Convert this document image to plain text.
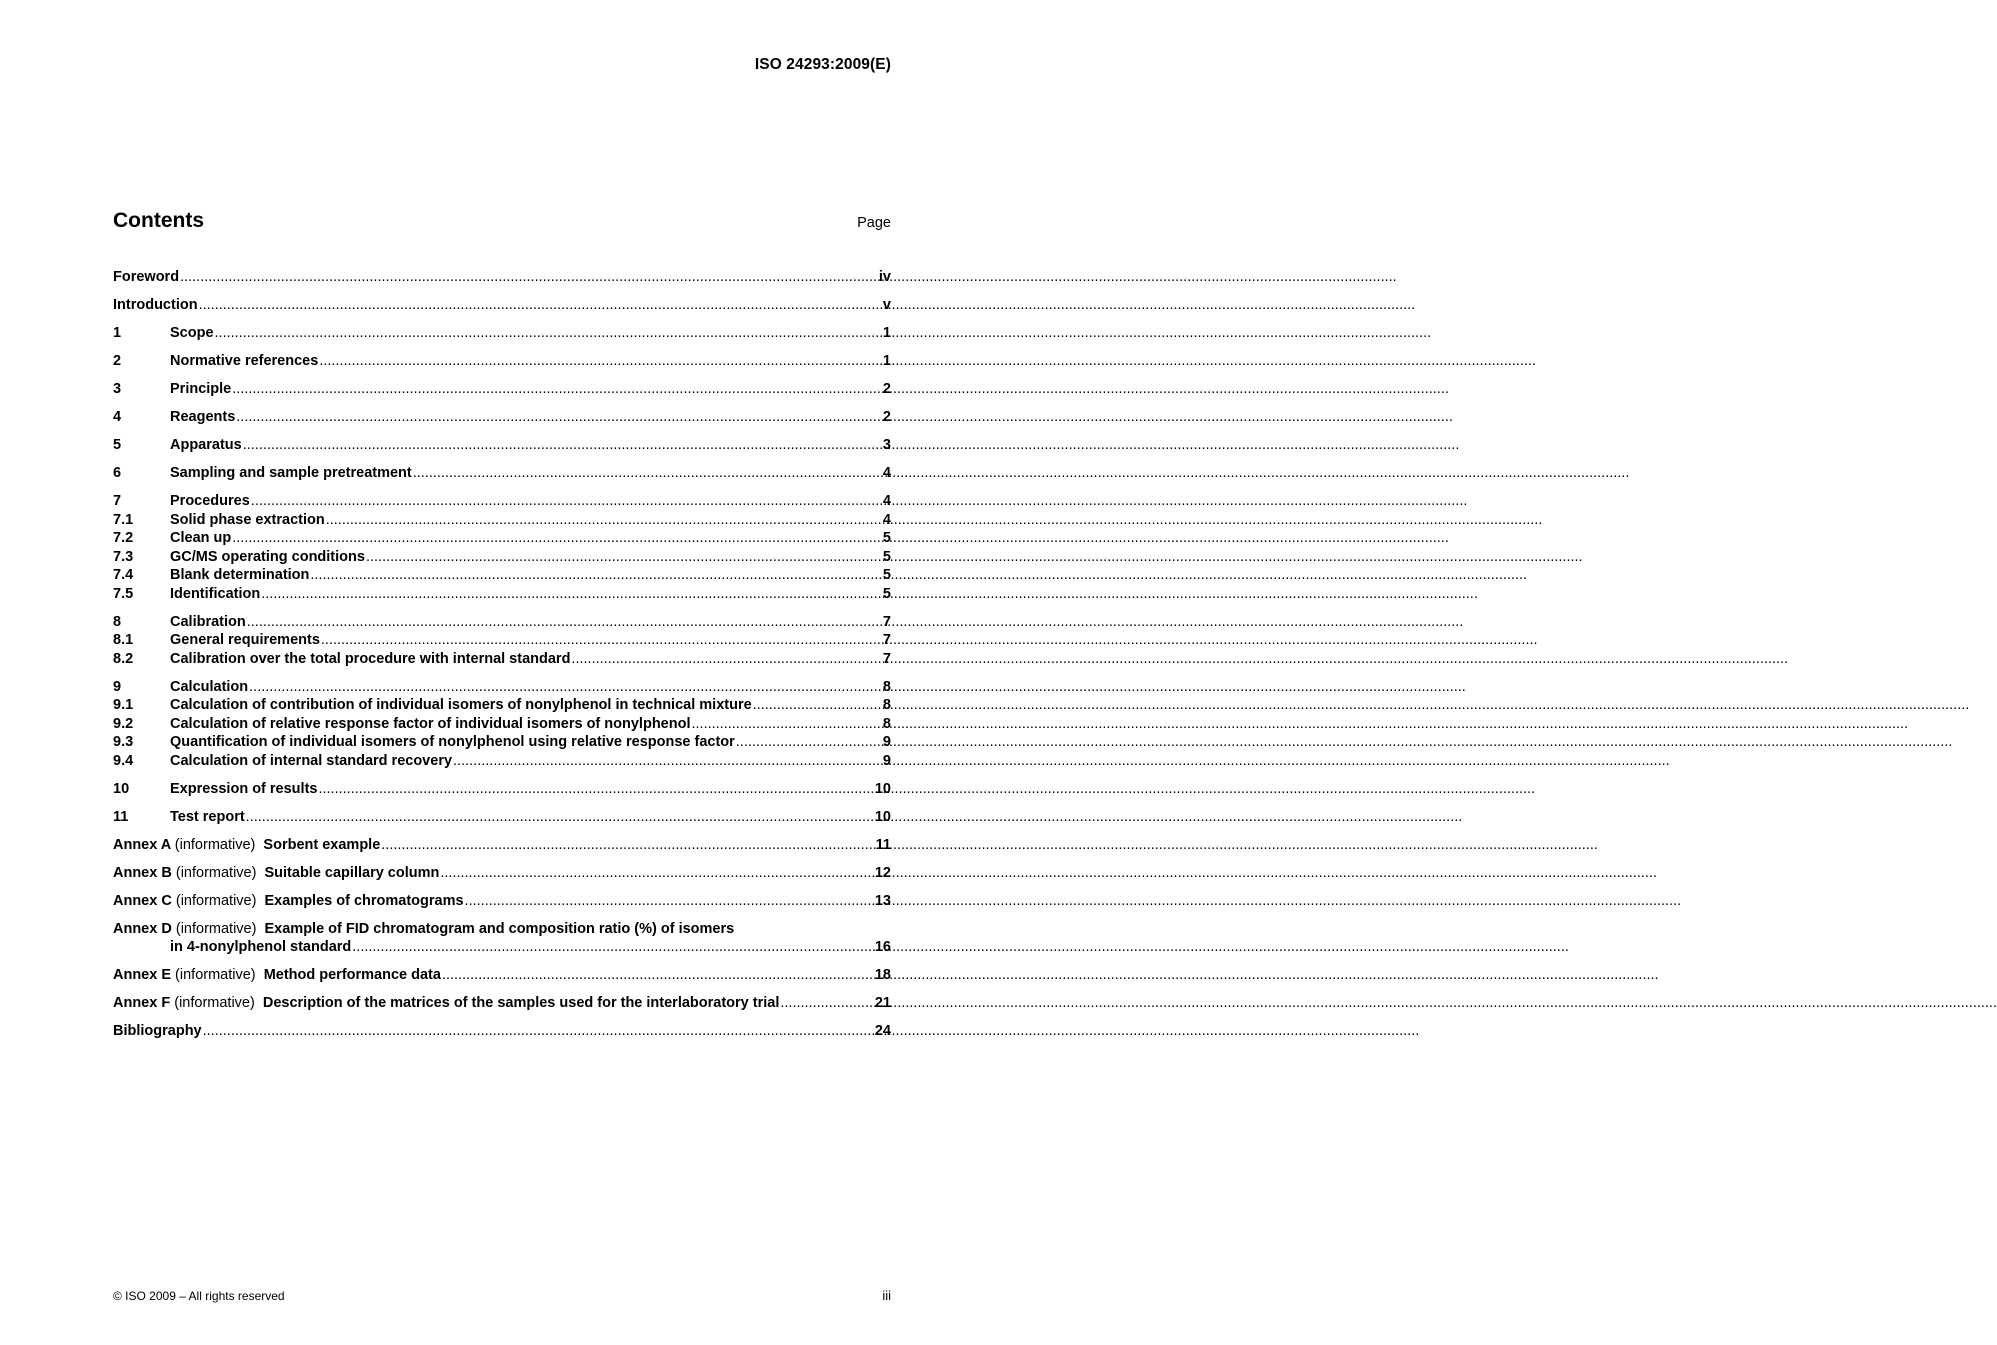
ISO 24293:2009(E)
Contents	Page
Foreword .....	iv
Introduction .....	v
1	Scope .....	1
2	Normative references .....	1
3	Principle .....	2
4	Reagents .....	2
5	Apparatus .....	3
6	Sampling and sample pretreatment .....	4
7	Procedures .....	4
7.1	Solid phase extraction .....	4
7.2	Clean up .....	5
7.3	GC/MS operating conditions .....	5
7.4	Blank determination .....	5
7.5	Identification .....	5
8	Calibration .....	7
8.1	General requirements .....	7
8.2	Calibration over the total procedure with internal standard .....	7
9	Calculation .....	8
9.1	Calculation of contribution of individual isomers of nonylphenol in technical mixture .....	8
9.2	Calculation of relative response factor of individual isomers of nonylphenol .....	8
9.3	Quantification of individual isomers of nonylphenol using relative response factor .....	9
9.4	Calculation of internal standard recovery .....	9
10	Expression of results .....	10
11	Test report .....	10
Annex A (informative) Sorbent example .....	11
Annex B (informative) Suitable capillary column .....	12
Annex C (informative) Examples of chromatograms .....	13
Annex D (informative) Example of FID chromatogram and composition ratio (%) of isomers
in 4-nonylphenol standard .....	16
Annex E (informative) Method performance data .....	18
Annex F (informative) Description of the matrices of the samples used for the interlaboratory trial .....	21
Bibliography .....	24
© ISO 2009 – All rights reserved	iii
